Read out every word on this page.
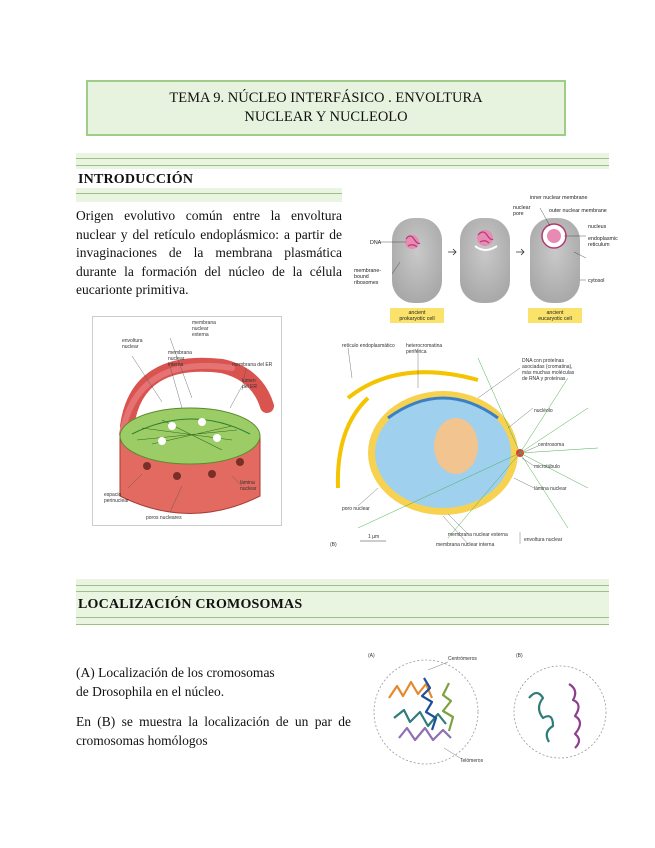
TEMA 9. NÚCLEO INTERFÁSICO . ENVOLTURA
NUCLEAR Y NUCLEOLO
INTRODUCCIÓN
Origen evolutivo común entre la envoltura nuclear y del retículo endoplásmico: a partir de invaginaciones de la membrana plasmática durante la formación del núcleo de la célula eucarionte primitiva.
DNA
membrane-bound ribosomes
inner nuclear membrane
nuclear pore	outer nuclear membrane
nucleus
endoplasmic reticulum
cytosol
ancient prokaryotic cell
ancient eucaryotic cell
envoltura nuclear
membrana nuclear externa
membrana nuclear interna	membrana del ER
lumen del ER
espacio perinuclear
lámina nuclear
poros nucleares
retículo endoplasmático heterocromatina periférica
DNA con proteínas asociadas (cromatina), más muchas moléculas de RNA y proteínas
nucléolo
centrosoma
microtúbulo
lámina nuclear
poro nuclear
membrana nuclear externa
membrana nuclear interna
envoltura nuclear
1 µm
(B)
LOCALIZACIÓN CROMOSOMAS
(A) Localización de los cromosomas de Drosophila en el núcleo.
En (B) se muestra la localización de un par de cromosomas homólogos
(A)	(B)
Centrómeros
Telómeros
